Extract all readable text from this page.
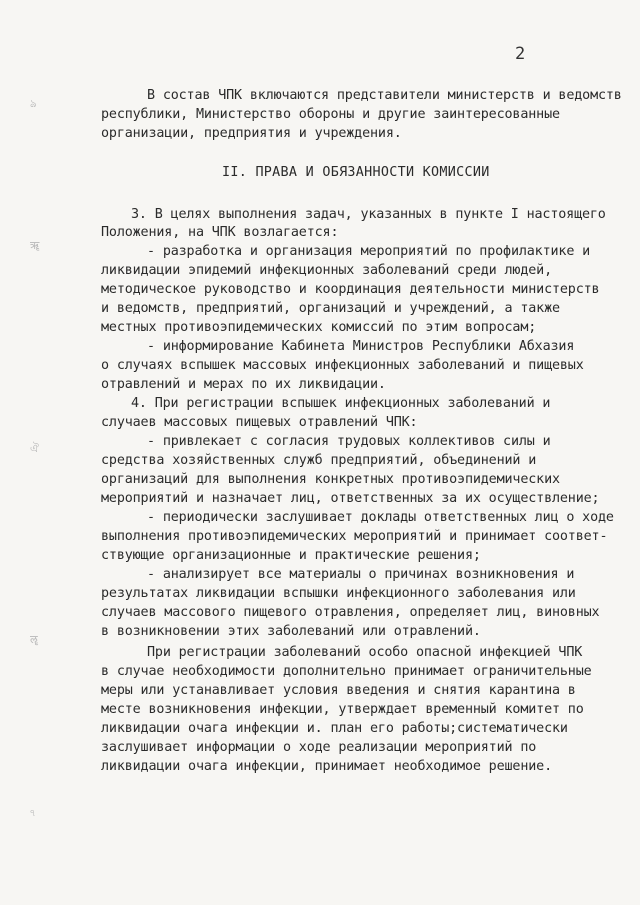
2
ঌ
ॠ
ঐ
ॡ
ঀ
II. ПРАВА И ОБЯЗАННОСТИ КОМИССИИ
В состав ЧПК включаются представители министерств и ведомств
республики, Министерство обороны и другие заинтересованные
организации, предприятия и учреждения.
3. В целях выполнения задач, указанных в пункте I настоящего
Положения, на ЧПК возлагается:
- разработка и организация мероприятий по профилактике и
ликвидации эпидемий инфекционных заболеваний среди людей,
методическое руководство и координация деятельности министерств
и ведомств, предприятий, организаций и учреждений, а также
местных противоэпидемических комиссий по этим вопросам;
- информирование Кабинета Министров Республики Абхазия
о случаях вспышек массовых инфекционных заболеваний и пищевых
отравлений и мерах по их ликвидации.
4. При регистрации вспышек инфекционных заболеваний и
случаев массовых пищевых отравлений ЧПК:
- привлекает с согласия трудовых коллективов силы и
средства хозяйственных служб предприятий, объединений и
организаций для выполнения конкретных противоэпидемических
мероприятий и назначает лиц, ответственных за их осуществление;
- периодически заслушивает доклады ответственных лиц о ходе
выполнения противоэпидемических мероприятий и принимает соответ-
ствующие организационные и практические решения;
- анализирует все материалы о причинах возникновения и
результатах ликвидации вспышки инфекционного заболевания или
случаев массового пищевого отравления, определяет лиц, виновных
в возникновении этих заболеваний или отравлений.
При регистрации заболеваний особо опасной инфекцией ЧПК
в случае необходимости дополнительно принимает ограничительные
меры или устанавливает условия введения и снятия карантина в
месте возникновения инфекции, утверждает временный комитет по
ликвидации очага инфекции и. план его работы;систематически
заслушивает информации о ходе реализации мероприятий по
ликвидации очага инфекции, принимает необходимое решение.
